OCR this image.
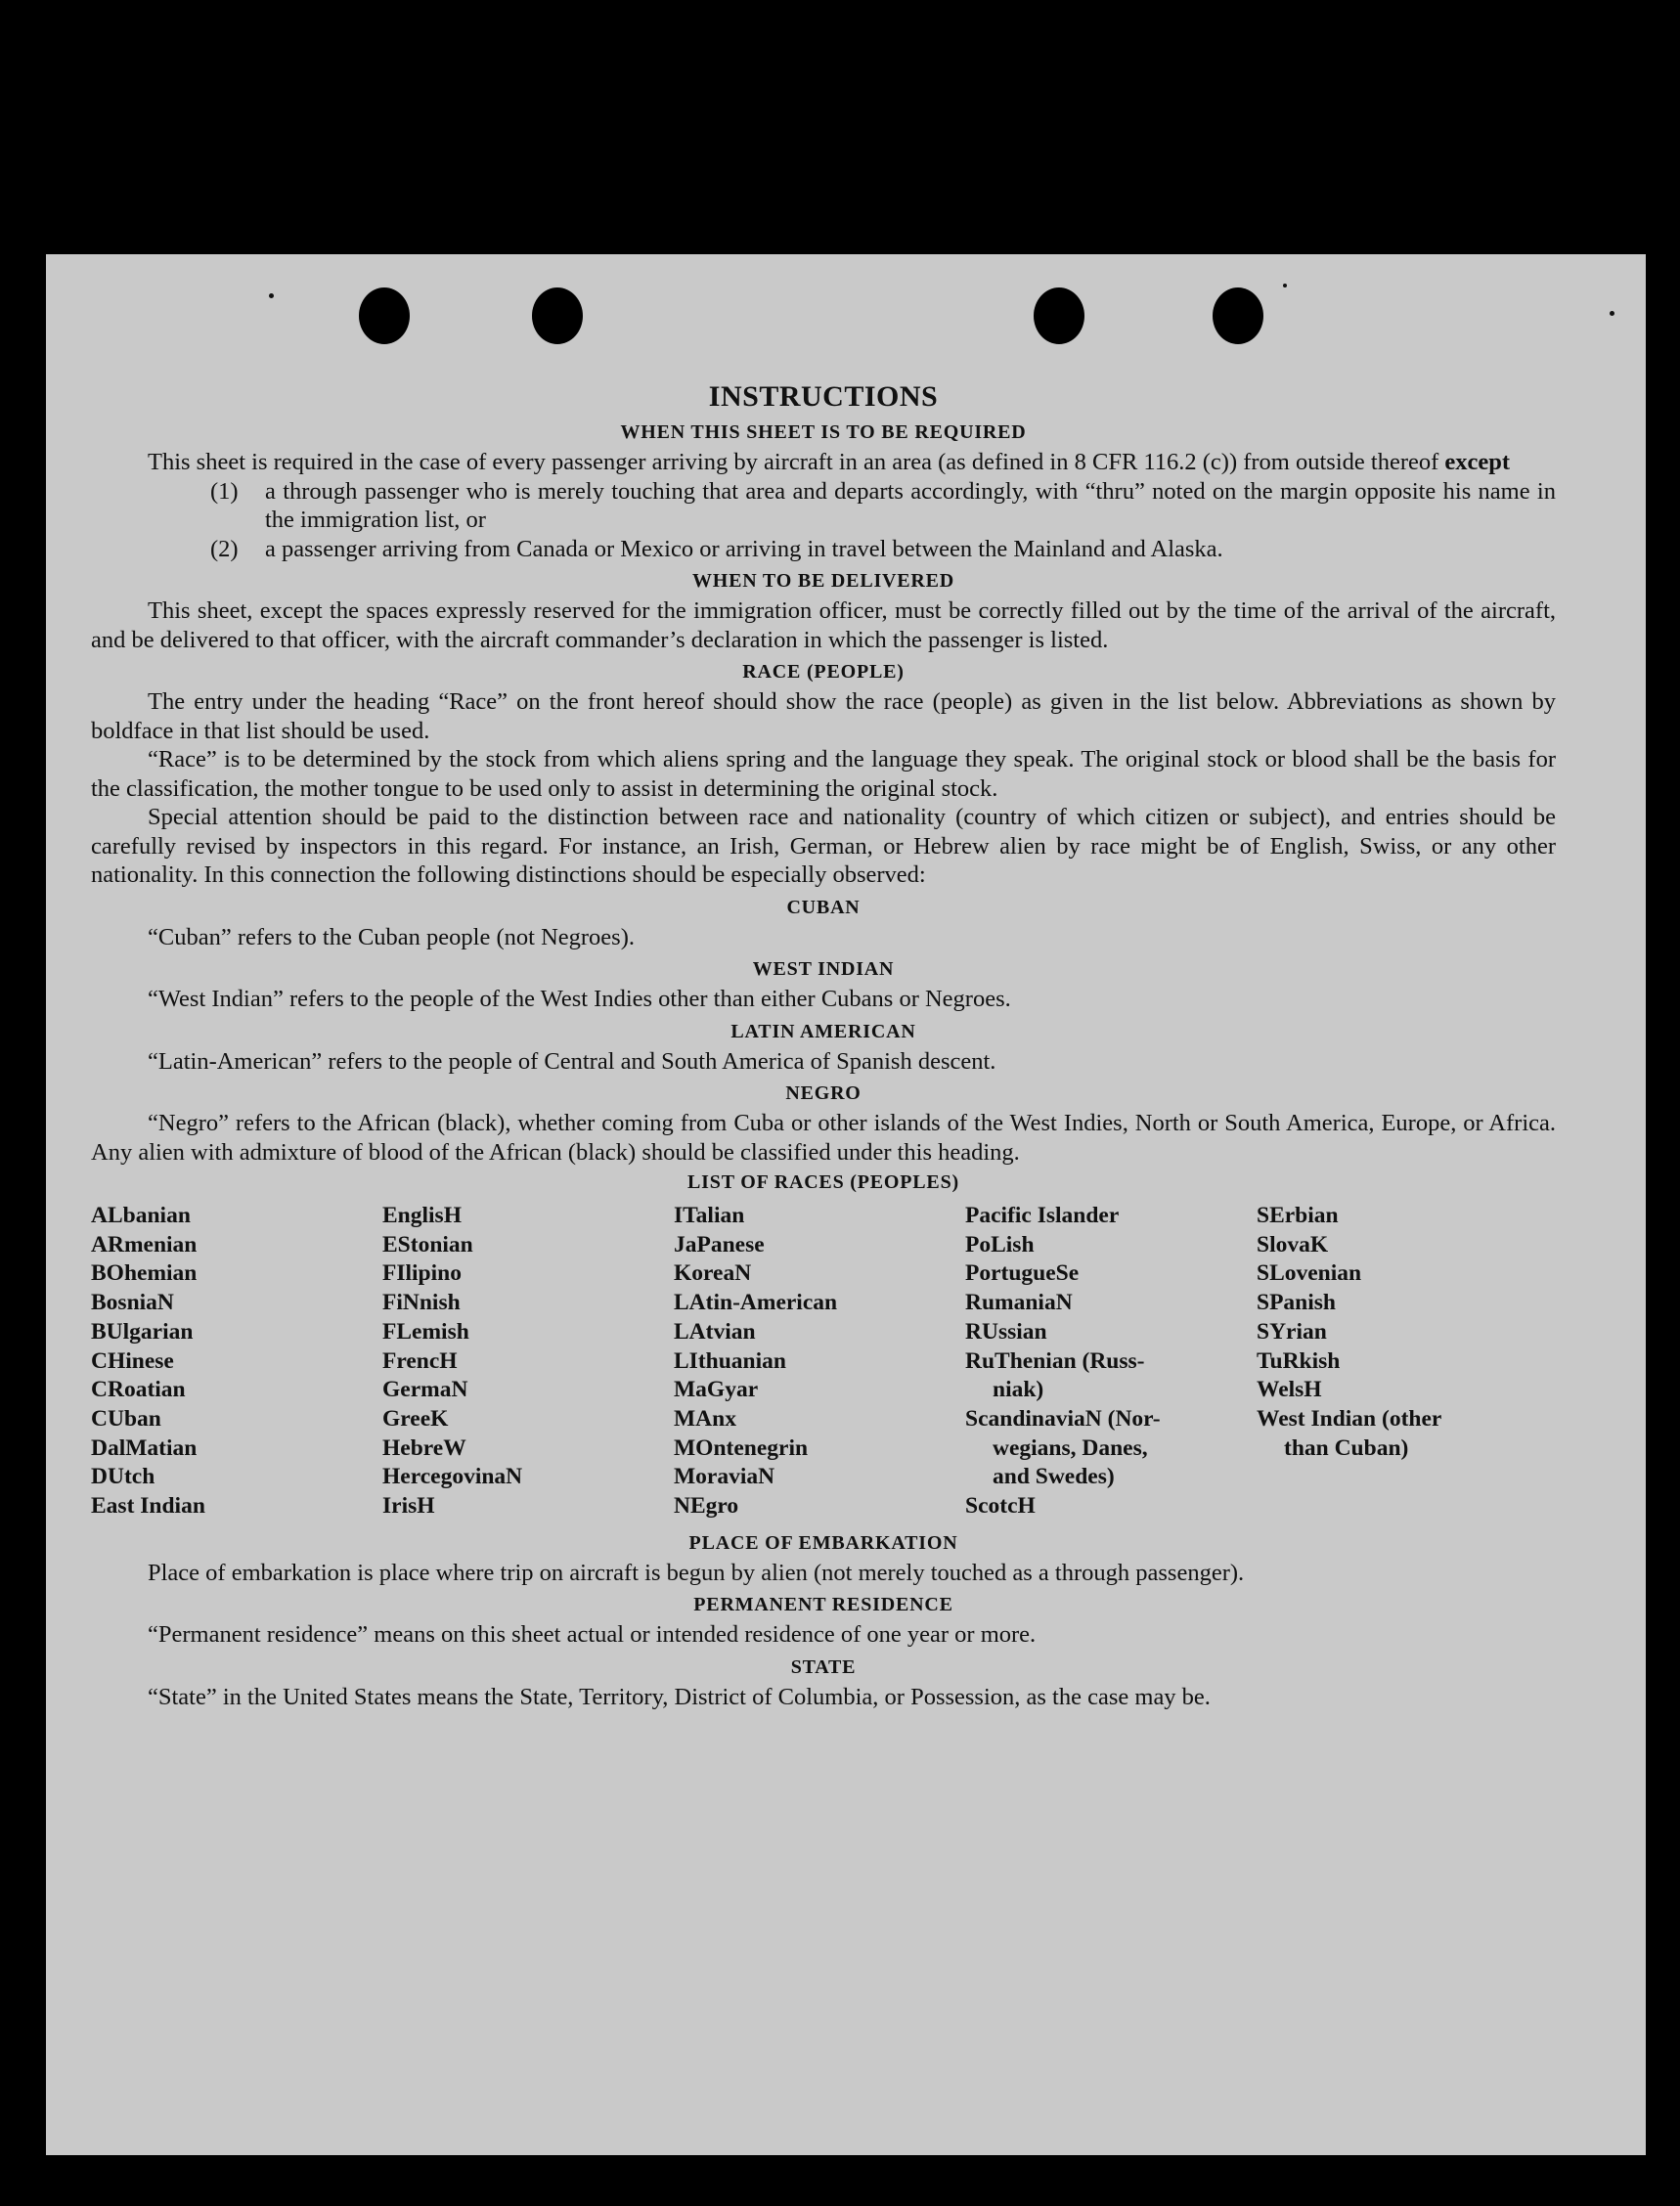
INSTRUCTIONS
WHEN THIS SHEET IS TO BE REQUIRED

This sheet is required in the case of every passenger arriving by aircraft in an area (as defined in 8 CFR 116.2 (c)) from outside thereof except

(1)	a through passenger who is merely touching that area and departs accordingly, with “thru” noted on the margin opposite his name in the immigration list, or
(2)	a passenger arriving from Canada or Mexico or arriving in travel between the Mainland and Alaska.
WHEN TO BE DELIVERED

This sheet, except the spaces expressly reserved for the immigration officer, must be correctly filled out by the time of the arrival of the aircraft, and be delivered to that officer, with the aircraft commander’s declaration in which the passenger is listed.

RACE (PEOPLE)

The entry under the heading “Race” on the front hereof should show the race (people) as given in the list below. Abbreviations as shown by boldface in that list should be used.

“Race” is to be determined by the stock from which aliens spring and the language they speak. The original stock or blood shall be the basis for the classification, the mother tongue to be used only to assist in determining the original stock.

Special attention should be paid to the distinction between race and nationality (country of which citizen or subject), and entries should be carefully revised by inspectors in this regard. For instance, an Irish, German, or Hebrew alien by race might be of English, Swiss, or any other nationality. In this connection the following distinctions should be especially observed:

CUBAN

“Cuban” refers to the Cuban people (not Negroes).

WEST INDIAN

“West Indian” refers to the people of the West Indies other than either Cubans or Negroes.

LATIN AMERICAN

“Latin-American” refers to the people of Central and South America of Spanish descent.

NEGRO

“Negro” refers to the African (black), whether coming from Cuba or other islands of the West Indies, North or South America, Europe, or Africa. Any alien with admixture of blood of the African (black) should be classified under this heading.

LIST OF RACES (PEOPLES)
ALbanian
ARmenian
BOhemian
BosniaN
BUlgarian
CHinese
CRoatian
CUban
DalMatian
DUtch
East Indian
EnglisH
EStonian
FIlipino
FiNnish
FLemish
FrencH
GermaN
GreeK
HebreW
HercegovinaN
IrisH
ITalian
JaPanese
KoreaN
LAtin-American
LAtvian
LIthuanian
MaGyar
MAnx
MOntenegrin
MoraviaN
NEgro
Pacific Islander
PoLish
PortugueSe
RumaniaN
RUssian
RuThenian (Russ-
niak)
ScandinaviaN (Nor-
wegians, Danes,
and Swedes)
ScotcH
SErbian
SlovaK
SLovenian
SPanish
SYrian
TuRkish
WelsH
West Indian (other
than Cuban)
PLACE OF EMBARKATION

Place of embarkation is place where trip on aircraft is begun by alien (not merely touched as a through passenger).

PERMANENT RESIDENCE

“Permanent residence” means on this sheet actual or intended residence of one year or more.

STATE

“State” in the United States means the State, Territory, District of Columbia, or Possession, as the case may be.
